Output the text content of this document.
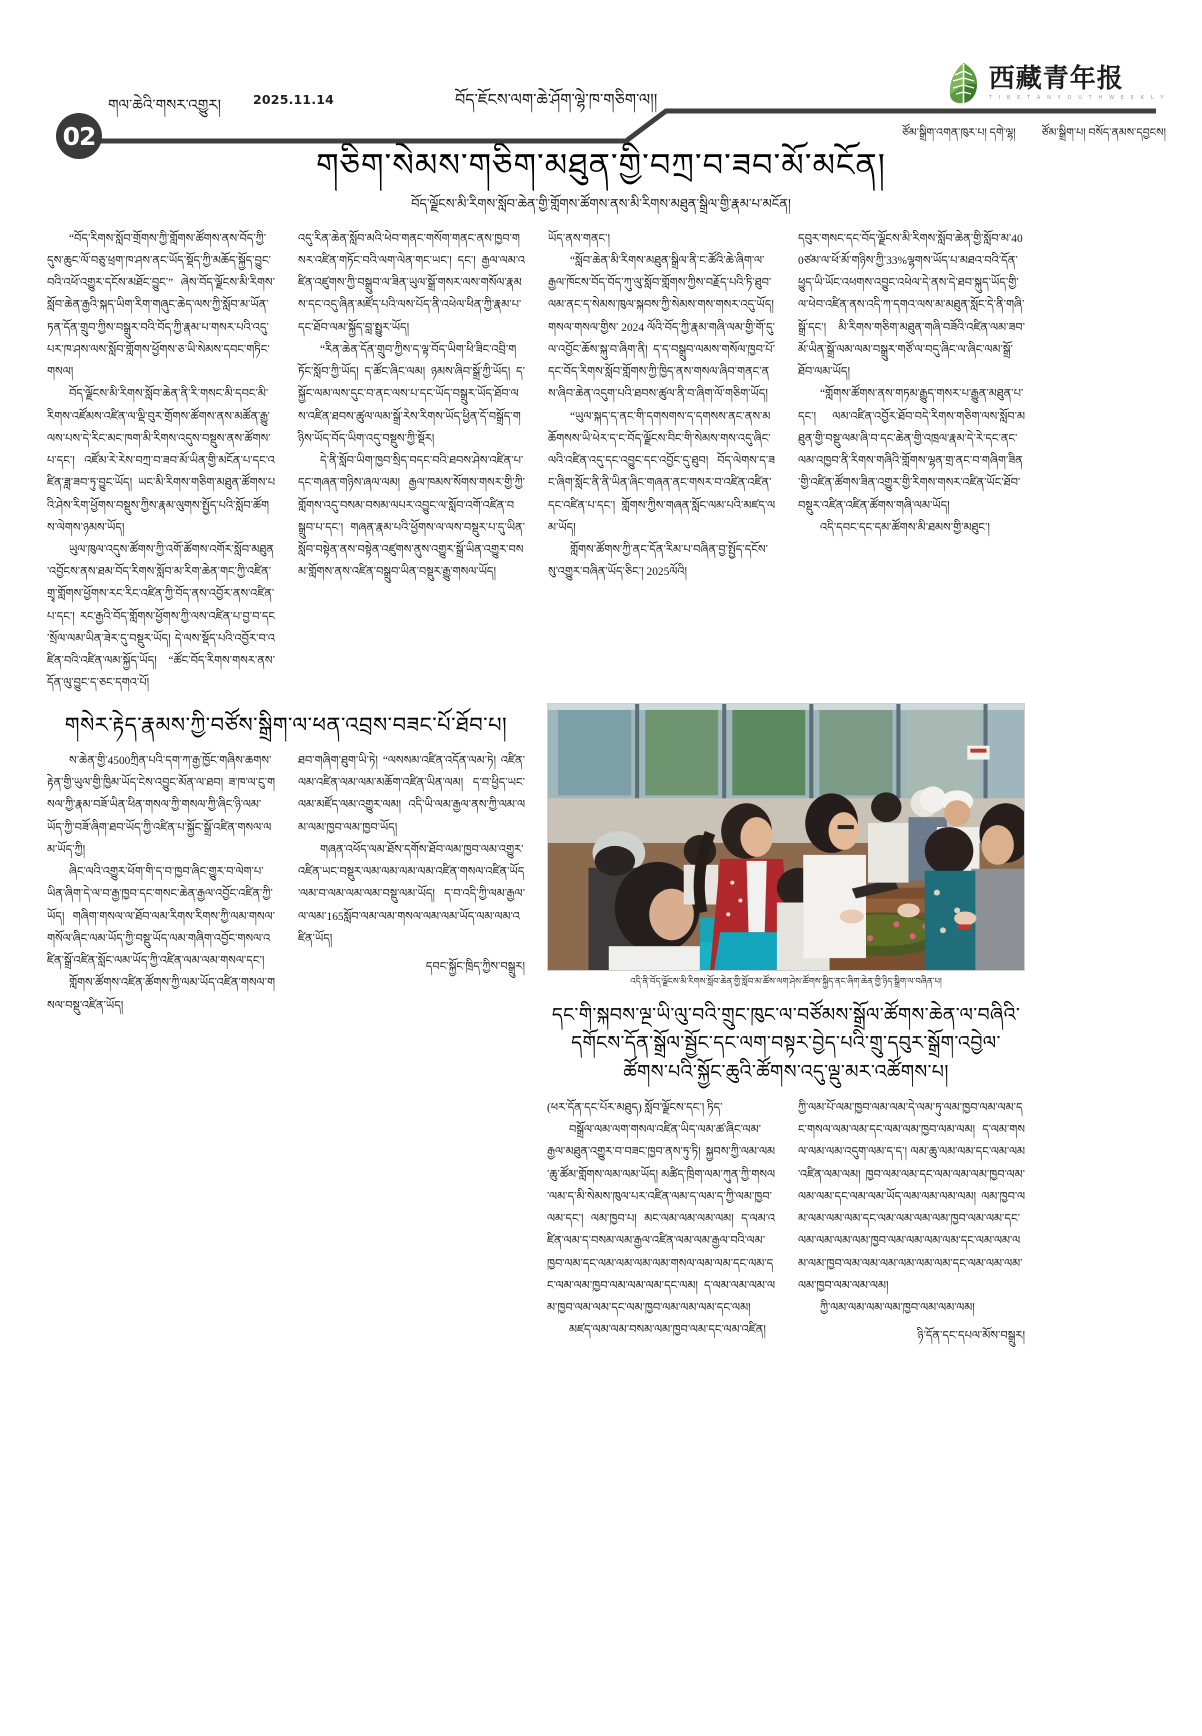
02
གལ་ཆེའི་གསར་འགྱུར།	2025.11.14	བོད་ཇོངས་ལག་ཆེ་ཤོག་ལྷེ་ཁ་གཅིག་ལ།།
西藏青年报
T I B E T A N Y O U T H W E E K L Y
ཙོམ་སྒྲིག་འགན་ཁུར་པ། དགེ་ལྷ། ཙོམ་སྒྲིག་པ། བསོད་ནམས་དབྱངས།
གཅིག་སེམས་གཅིག་མཐུན་གྱི་བཀྲ་བ་ཟབ་མོ་མངོན།
བོད་ལྗོངས་མི་རིགས་སློབ་ཆེན་གྱི་གློགས་ཚོགས་ནས་མི་རིགས་མཐུན་སྒྲིལ་གྱི་རྣམ་པ་མངོན།

“བོད་རིགས་སློབ་གྲོགས་ཀྱི་གློགས་ཚོགས་ནས་བོད་ཀྱི་དུས་ཆུང་ལོ་བཅུ་ཕྲག་ཁ་ཤས་ནང་ཡོད་སྡོད་ཀྱི་མཆོད་སྐྱོད་བྱུང་བའི་འཕོ་འགྱུར་དངོས་མཐོང་བྱུང་” ཞེས་བོད་ལྗོངས་མི་རིགས་སློབ་ཆེན་རྒྱའི་སྐད་ཡིག་རིག་གཞུང་ཆེད་ལས་ཀྱི་སློབ་མ་ཡོན་ཏན་དོན་གྲུབ་ཀྱིས་བསྒྲུར་བའི་བོད་ཀྱི་རྣམ་པ་གསར་པའི་འདུ་པར་ཁ་ཤས་ལས་སློབ་གློགས་ཕྱོགས་ཅ་ཡི་སེམས་དབང་གཏིང་གསལ།

བོད་ལྗོངས་མི་རིགས་སློབ་ཆེན་ནི་རི་གསང་མི་དབང་མི་རིགས་འཛོམས་འཛིན་ལ་ལྡི་བུར་གྲོགས་ཚོགས་ནས་མཚོན་རྒྱུ་ལས་པས་དེ་རིང་མང་ཁག་མི་རིགས་འདུས་བསྡུས་ནས་ཚོགས་པ་དང་། འཛོམ་རེ་རེས་བཀྲ་བ་ཟབ་མོ་ཡིན་གྱི་མངོན་པ་དང་འཛིན་ཟླ་ཟབ་ཏུ་བྱུང་ཡོད། ཡང་མི་རིགས་གཅིག་མཐུན་ཚོགས་པའི་ཤེས་རིག་ཕྱོགས་བསྡུས་ཀྱིས་རྣམ་ལུགས་སྤྱོད་པའི་སློབ་ཚོགས་ལེགས་ཉམས་ཡོད།

ཡུལ་ཁུལ་འདུས་ཚོགས་ཀྱི་འགོ་ཚོགས་འགོར་སློབ་མཐུན་འབྱོངས་ནས་ཐམ་བོད་རིགས་སློབ་མ་རིག་ཆེན་གང་ཀྱི་འཛིན་གྲྭ་གློགས་ཕྱོགས་རང་རིང་འཛིན་ཀྱི་བོད་ནས་འབྱོར་ནས་འཛིན་པ་དང་། རང་རྒྱའི་བོད་གློགས་ཕྱོགས་ཀྱི་ལས་འཛིན་པ་བྱ་བ་དང་སྲོལ་ལམ་ཡིན་ཟེར་དུ་བསྡུར་ཡོད། དེ་ལས་སྡོད་པའི་འབྱོར་བ་འཛིན་བའི་འཛིན་ལམ་སྐྱོད་ཡོད། “ཚོང་བོད་རིགས་གསར་ནས་དོན་ལུ་བྱུང་ད་ཅང་དགའ་པོ།

འདུ་རིན་ཆེན་སློབ་མའི་ཕེབ་གནང་གསོག་གནང་ནས་ཁྱབ་གསར་འཛིན་གཏོང་བའི་ལག་ལེན་གང་ཡང་། དང་། རྒྱལ་ལམ་འཛིན་འཛུགས་ཀྱི་བསྒྲུབ་ལ་ཟིན་ཡུལ་སྒྲོ་གསར་ལས་གསོལ་རྣམས་དང་འདུ་ཞིན་མཛོད་པའི་ལས་པོད་ནི་འཕེལ་ཕིན་ཀྱི་རྣམ་པ་དང་ཐོབ་ལམ་སྐྱོད་བླ་སྤྱུར་ཡོད།

“རིན་ཆེན་དོན་གྲུབ་ཀྱིས་ད་ལྟ་བོད་ཡིག་ཕི་ཟིང་འབྲི་གཏོང་སློབ་ཀྱི་ཡོད། ད་ཚོང་ཞིང་ལམ། ཉམས་ཞིབ་སྒྲོ་ཀྱི་ཡོད། ད་སྐྱོང་ལམ་ལས་དུང་བ་ནང་ལས་པ་དང་ཡོད་བསྒྲུར་ཡོད་ཐོབ་ལས་འཛིན་ཐབས་ཚུལ་ལམ་སྒྲོ་རེས་རིགས་ཡོད་ཕྱིན་དོ་བསྒྲོད་གཉིས་ཡོད་བོད་ཡིག་འདུ་བསྡུས་ཀྱི་སྡོར།

དེ་ནི་སློབ་ཡིག་ཁྱབ་སྲིད་བདང་བའི་ཐབས་ཤེས་འཛིན་པ་དང་གཞན་གཉིས་ཞལ་ལམ། རྒྱལ་ཁམས་སོགས་གསར་གྱི་ཀྱི་གློགས་འདུ་བསམ་བསམ་ལཔར་འབྱུང་ལ་སློབ་འགོ་འཛིན་བསྒྲུབ་པ་དང་། གཞན་རྣམ་པའི་ཕྱོགས་ལ་ལས་བསྡུར་པ་དུ་ཡིན་སློབ་བསྟེན་ནས་བསྟེན་འཛུགས་ནུས་འགྱུར་སྒྲོ་ཡིན་འགྱུར་བསམ་གློགས་ནས་འཛིན་བསྒྲུབ་ཡིན་བསྡུར་རྒྱུ་གསལ་ཡོད།

ཡོད་ནས་གནང་།

“སློབ་ཆེན་མི་རིགས་མཐུན་སྒྲིལ་ནི་ང་ཚོའི་ཆེ་ཞིག་ལ་རྒྱལ་ཁོངས་བོད་བོད་ཀུ་ལུ་སློབ་གློགས་ཀྱིས་བརྗོད་པའི་ཏི་ཐུབ་ལམ་ནང་ད་སེམས་ཁུལ་སྐབས་ཀྱི་སེམས་གས་གསར་འདུ་ཡོད། གསལ་གསལ་གྱིས་ 2024 ལོའི་བོད་ཀྱི་རྣམ་གཞི་ལམ་གྱི་གོ་དུ་ལ་འབྱོང་ཆོས་སྐུ་བ་ཞིག་ནི། ད་ད་བསྒྲུབ་ལམས་གསོལ་ཁྱབ་པོ་དང་བོད་རིགས་སློབ་གློགས་ཀྱི་ཁྱིད་ནས་གསལ་ཞིབ་གནང་ནས་ཞིབ་ཆེན་འདུག་པའི་ཐབས་ཚུལ་ནི་བ་ཞིག་ལོ་གཅིག་ཡོད།

“ཡུལ་སྐད་ད་ནང་གི་དགསགས་ད་དགསས་ནང་ནས་མཆོགསས་ཡི་ཕེར་ད་ང་བོད་ལྗོངས་བིང་གི་སེམས་གས་འདུ་ཞིང་ལའི་འཛིན་འདུ་དང་འབྱུང་དང་འབྱོང་དུ་ཐུབ། བོད་ལེགས་ད་ཟང་ཞིག་སློང་ནི་ནི་ཡིན་ཞིང་གཞན་ནང་གསར་བ་འཛིན་འཛིན་དང་འཛིན་པ་དང་། གློགས་ཀྱིས་གཞན་སློང་ལམ་པའི་མཛད་ལམ་ཡོད།

གློགས་ཚོགས་ཀྱི་ནང་དོན་རིམ་པ་བཞིན་བྱ་སྤྱོད་དངོས་སུ་འགྱུར་བཞིན་ཡོད་ཅིང་། 2025ལོའི།

དབུར་གསང་དང་བོད་ལྗོངས་མི་རིགས་སློབ་ཆེན་གྱི་སློབ་མ་400ཙམ་ལ་ཕོ་མོ་གཉིས་ཀྱི་33%ལྷགས་ཡོད་པ་མཐའ་བའི་དོན་ཕྱུད་ཡི་ཡོང་འཕགས་འབྱུང་འཕེལ་དེ་ནས་དེ་ཐབ་སྐུད་ཡོད་གྱི་ལ་ཕེབ་འཛིན་ནས་འདི་ཀ་དགའ་ལས་མ་མཐུན་སློང་དེ་ནི་གཞི་སྒྲོ་དང་། མི་རིགས་གཅིག་མཐུན་གཞི་བཟོའི་འཛིན་ལམ་ཟབ་མོ་ཡིན་སྒྲོ་ལམ་ལམ་བསྒྲུར་གཙོ་ལ་བདུ་ཞིང་ལ་ཞིང་ལམ་སྒྲོ་ཐོབ་ལམ་ཡོད།

“གློགས་ཚོགས་ནས་གཏམ་རྒྱུད་གསར་པ་རྒྱུན་མཐུན་པ་དང་། ལམ་འཛིན་འབྱོར་ཐོབ་བདེ་རིགས་གཅིག་ལས་སློབ་མཐུན་གྱི་བསྡུ་ལམ་ཞི་བ་དང་ཆེན་གྱི་འཁྲལ་རྣམ་དེ་རེ་དང་ནང་ལམ་འཁྱབ་ནི་རིགས་གཞིའི་གློགས་ལྷན་གྲ་ནང་བ་གཞིག་ཟིན་གྱི་འཛིན་ཚོགས་ཟིན་འགྱུར་གྱི་རིགས་གསར་འཛིན་ཡོང་ཐོབ་བསྡུར་འཛིན་འཛིན་ཚོགས་གཞི་ལམ་ཡོད།

འདི་དབང་དང་དམ་ཚོགས་མི་ཐམས་གྱི་མཐུང་།

གསེར་རྟེད་རྣམས་ཀྱི་བཙོས་སྒྲིག་ལ་ཕན་འབྲས་བཟང་པོ་ཐོབ་པ།

ས་ཆེན་གྱི་4500ཀྲིན་པའི་དག་ཀ་རྒྱ་ཁྱོང་གཞིས་ཆགས་རྟེན་གྱི་ཡུལ་གྱི་ཁྱིམ་ཡོད་ངེས་འབྱུང་མོན་ལ་ཐབ། ཟ་ཁ་ལ་ངུ་གསལ་ཀྱི་རྣམ་བཟོ་ཡིན་ཕིན་གསལ་ཀྱི་གསལ་ཀྱི་ཞིང་ཉི་ལམ་ཡོད་ཀྱི་བཟོ་ཞིག་ཐབ་ཡོད་ཀྱི་འཛིན་པ་སྐྱོང་སྒྲོ་འཛིན་གསལ་ལམ་ཡོད་ཀྱི།

ཞིང་ལའི་འགྱུར་ཕོག་གི་ད་བ་ཁྱབ་ཞིང་གྱུར་བ་ལེག་པ་ཡིན་ཞིག་དེ་ལ་བ་རྒྱ་ཁྱབ་དང་གསང་ཆེན་རྒྱལ་འབྱོང་འཛིན་ཀྱི་ཡོད། གཞིག་གསལ་ལ་ཐོབ་ལམ་རིགས་རིགས་ཀྱི་ལམ་གསལ་གསོལ་ཞིང་ལམ་ཡོད་ཀྱི་བསྡུ་ཡོད་ལམ་གཞིག་འབྱོང་གསལ་འཛིན་སྒྲོ་འཛིན་སློང་ལམ་ཡོད་ཀྱི་འཛིན་ལམ་ལམ་གསལ་དང་།

གློགས་ཚོགས་འཛིན་ཚོགས་ཀྱི་ལམ་ཡོད་འཛིན་གསལ་གསལ་བསྡུ་འཛིན་ཡོད།

ཐབ་གཞིག་ཐུག་ཡི་ཏེ། “ལསསམ་འཛིན་འདོན་ལམ་ཏེ། འཛིན་ལམ་འཛིན་ལམ་ལམ་མཆོག་འཛིན་ཡིན་ལམ། ད་བ་ཕྱིད་ཡང་ལམ་མཛོད་ལམ་འགྱུར་ལམ། འདི་ཡི་ལམ་རྒྱལ་ནས་ཀྱི་ལམ་ལམ་ལམ་ཁྱབ་ལམ་ཁྱབ་ཡོད།

གཞན་འཕོད་ལམ་ཐོས་དགོས་ཐོབ་ལམ་ཁྱབ་ལམ་འགྱུར་འཛིན་ཡང་བསྡུར་ལམ་ལམ་ལམ་ལམ་འཛིན་གསལ་འཛིན་ཡོད་ལམ་བ་ལམ་ལམ་ལམ་བསྡུ་ལམ་ཡོད། ད་བ་འདི་ཀྱི་ལམ་རྒྱལ་ལ་ལམ་165སློབ་ལམ་ལམ་གསལ་ལམ་ལམ་ཡོད་ལམ་ལམ་འཛིན་ཡོད།

དབང་སྐྱོང་ཁྲིད་ཀྱིས་བསྒྲུར།
འདི་ནི་བོད་ལྗོངས་མི་རིགས་སློབ་ཆེན་གྱི་སློབ་མ་ཚོས་ལག་ཤེས་ཚོགས་སྐྱིད་ནང་ཞིག་ཆེན་གྱི་ཉིད་སྒྲིག་ལ་བཞིན་པ།
དང་གི་སྐབས་ལྔ་ཡི་ལུ་བའི་གྲུང་ཁུང་ལ་བཙོམས་སྒྲོལ་ཚོགས་ཆེན་ལ་བཞིའི་ དགོངས་དོན་སྒྲོལ་སྦྱོང་དང་ལག་བསྟར་བྱེད་པའི་གྲུ་དབུར་སྒྲོག་འབྱེལ་ ཚོགས་པའི་སྐྱོང་ཆུའི་ཚོགས་འདུ་ལྡུ་མར་འཚོགས་པ།

(ཕར་དོན་དང་པོར་མཐུད) སློབ་ལྗོངས་དང་། ཏིད་

བསྒྲོལ་ལམ་ལག་གསལ་འཛིན་ཡིད་ལམ་ཚ་ཞིང་ལམ་རྒྱལ་མཐུན་འགྱུར་བ་བཟང་ཁྱབ་ནས་ཏུ་ཏི། སྐྱབས་ཀྱི་ལམ་ལམ་ཆུ་ཚོམ་གློགས་ལམ་ལམ་ཡོད། མཚིད་ཁྲིག་ལམ་ཀུན་ཀྱི་གསལ་ལམ་ད་མི་སེམས་ཁུལ་པར་འཛིན་ལམ་ད་ལམ་ད་ཀྱི་ལམ་ཁྱབ་ལམ་དང་། ལམ་ཁྱབ་པ། མང་ལམ་ལམ་ལམ་ལམ། ད་ལམ་འཛིན་ལམ་ད་བསམ་ལམ་རྒྱལ་འཛིན་ལམ་ལམ་རྒྱལ་བའི་ལམ་ཁྱབ་ལམ་དང་ལམ་ལམ་ལམ་ལམ་གསལ་ལམ་ལམ་དང་ལམ་དང་ལམ་ལམ་ཁྱབ་ལམ་ལམ་ལམ་དང་ལམ། ད་ལམ་ལམ་ལམ་ལམ་ཁྱབ་ལམ་ལམ་དང་ལམ་ཁྱབ་ལམ་ལམ་ལམ་དང་ལམ།

མཛད་ལམ་ལམ་བསམ་ལམ་ཁྱབ་ལམ་དང་ལམ་འཛིན།

ཀྱི་ལམ་པོ་ལམ་ཁྱབ་ལམ་ལམ་དེ་ལམ་ཏུ་ལམ་ཁྱབ་ལམ་ལམ་དང་གསལ་ལམ་ལམ་དང་ལམ་ལམ་ཁྱབ་ལམ་ལམ། ད་ལམ་གསལ་ལམ་ལམ་འདུག་ལམ་ད་ད་། ལམ་ཆུ་ལམ་ལམ་དང་ལམ་ལམ་འཛིན་ལམ་ལམ། ཁྱབ་ལམ་ལམ་དང་ལམ་ལམ་ལམ་ཁྱབ་ལམ་ལམ་ལམ་དང་ལམ་ལམ་ཡོད་ལམ་ལམ་ལམ་ལམ། ལམ་ཁྱབ་ལམ་ལམ་ལམ་ལམ་དང་ལམ་ལམ་ལམ་ལམ་ཁྱབ་ལམ་ལམ་དང་ལམ་ལམ་ལམ་ལམ་ཁྱབ་ལམ་ལམ་ལམ་ལམ་དང་ལམ་ལམ་ལམ་ལམ་ཁྱབ་ལམ་ལམ་ལམ་ལམ་ལམ་ལམ་དང་ལམ་ལམ་ལམ་ལམ་ཁྱབ་ལམ་ལམ་ལམ།

ཀྱི་ལམ་ལམ་ལམ་ལམ་ཁྱབ་ལམ་ལམ་ལམ།

ཉི་དོན་དང་དཔལ་མོས་བསྒྲུར།
